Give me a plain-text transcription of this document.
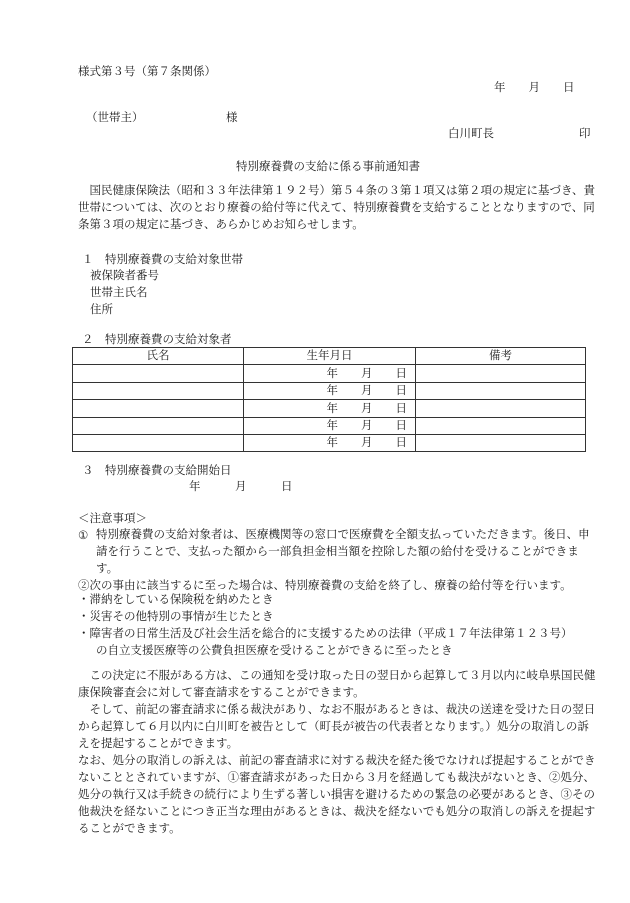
様式第３号（第７条関係）
年　　月　　日
（世帯主）	様
白川町長	印
特別療養費の支給に係る事前通知書
　国民健康保険法（昭和３３年法律第１９２号）第５４条の３第１項又は第２項の規定に基づき、貴世帯については、次のとおり療養の給付等に代えて、特別療養費を支給することとなりますので、同条第３項の規定に基づき、あらかじめお知らせします。
１　特別療養費の支給対象世帯
被保険者番号
世帯主氏名
住所
２　特別療養費の支給対象者
氏名	生年月日	備考
	年　　月　　日	
	年　　月　　日	
	年　　月　　日	
	年　　月　　日	
	年　　月　　日	
３　特別療養費の支給開始日
年　　　月　　　日
＜注意事項＞
① 特別療養費の支給対象者は、医療機関等の窓口で医療費を全額支払っていただきます。後日、申請を行うことで、支払った額から一部負担金相当額を控除した額の給付を受けることができます。
②次の事由に該当するに至った場合は、特別療養費の支給を終了し、療養の給付等を行います。
・滞納をしている保険税を納めたとき
・災害その他特別の事情が生じたとき
・障害者の日常生活及び社会生活を総合的に支援するための法律（平成１７年法律第１２３号）
の自立支援医療等の公費負担医療を受けることができるに至ったとき
　この決定に不服がある方は、この通知を受け取った日の翌日から起算して３月以内に岐阜県国民健康保険審査会に対して審査請求をすることができます。
　そして、前記の審査請求に係る裁決があり、なお不服があるときは、裁決の送達を受けた日の翌日から起算して６月以内に白川町を被告として（町長が被告の代表者となります。）処分の取消しの訴えを提起することができます。
なお、処分の取消しの訴えは、前記の審査請求に対する裁決を経た後でなければ提起することができないこととされていますが、①審査請求があった日から３月を経過しても裁決がないとき、②処分、処分の執行又は手続きの続行により生ずる著しい損害を避けるための緊急の必要があるとき、③その他裁決を経ないことにつき正当な理由があるときは、裁決を経ないでも処分の取消しの訴えを提起することができます。
